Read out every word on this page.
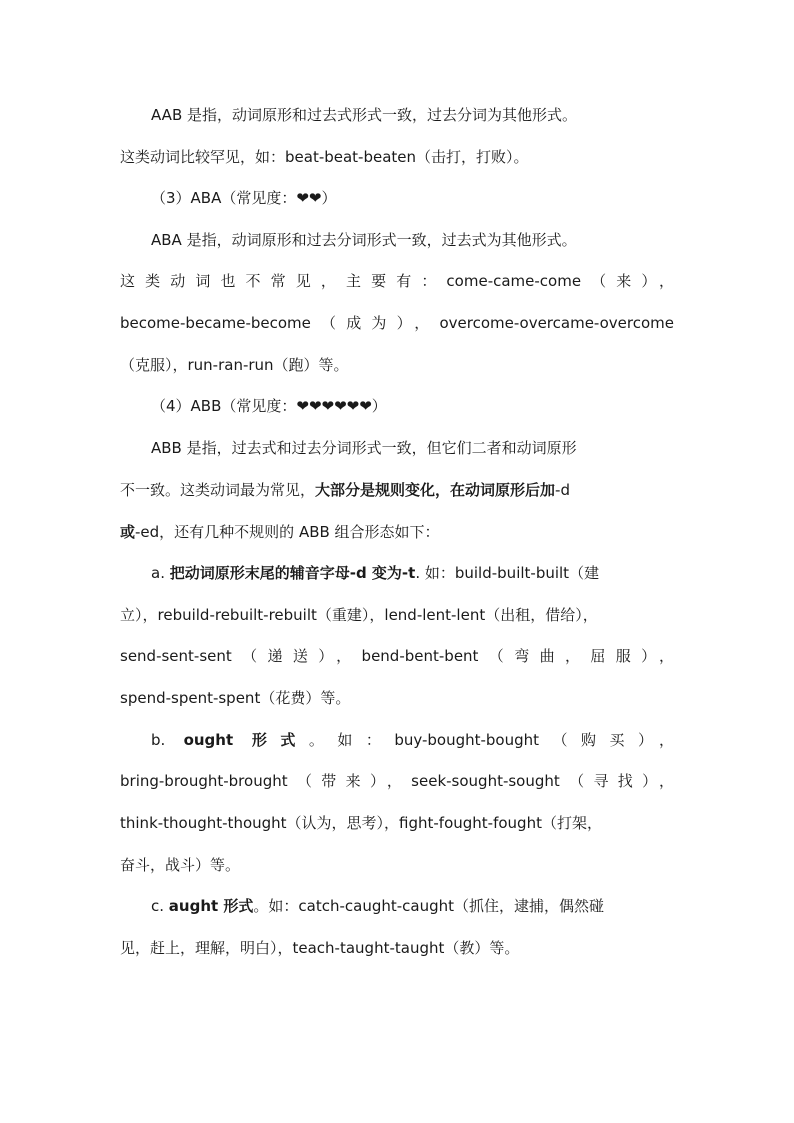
AAB 是指，动词原形和过去式形式一致，过去分词为其他形式。
这类动词比较罕见，如：beat-beat-beaten（击打，打败）。
（3）ABA（常见度：❤❤）
ABA 是指，动词原形和过去分词形式一致，过去式为其他形式。
这类动词也不常见，主要有：come-came-come（来），
become-became-become（成为），overcome-overcame-overcome
（克服），run-ran-run（跑）等。
（4）ABB（常见度：❤❤❤❤❤❤）
ABB 是指，过去式和过去分词形式一致，但它们二者和动词原形
不一致。这类动词最为常见，大部分是规则变化，在动词原形后加-d
或-ed，还有几种不规则的 ABB 组合形态如下：
a. 把动词原形末尾的辅音字母-d 变为-t. 如：build-built-built（建
立），rebuild-rebuilt-rebuilt（重建），lend-lent-lent（出租，借给），
send-sent-sent（递送），bend-bent-bent（弯曲，屈服），
spend-spent-spent（花费）等。
b. ought 形式。如：buy-bought-bought（购买），
bring-brought-brought（带来），seek-sought-sought（寻找），
think-thought-thought（认为，思考），fight-fought-fought（打架，
奋斗，战斗）等。
c. aught 形式。如：catch-caught-caught（抓住，逮捕，偶然碰
见，赶上，理解，明白），teach-taught-taught（教）等。
